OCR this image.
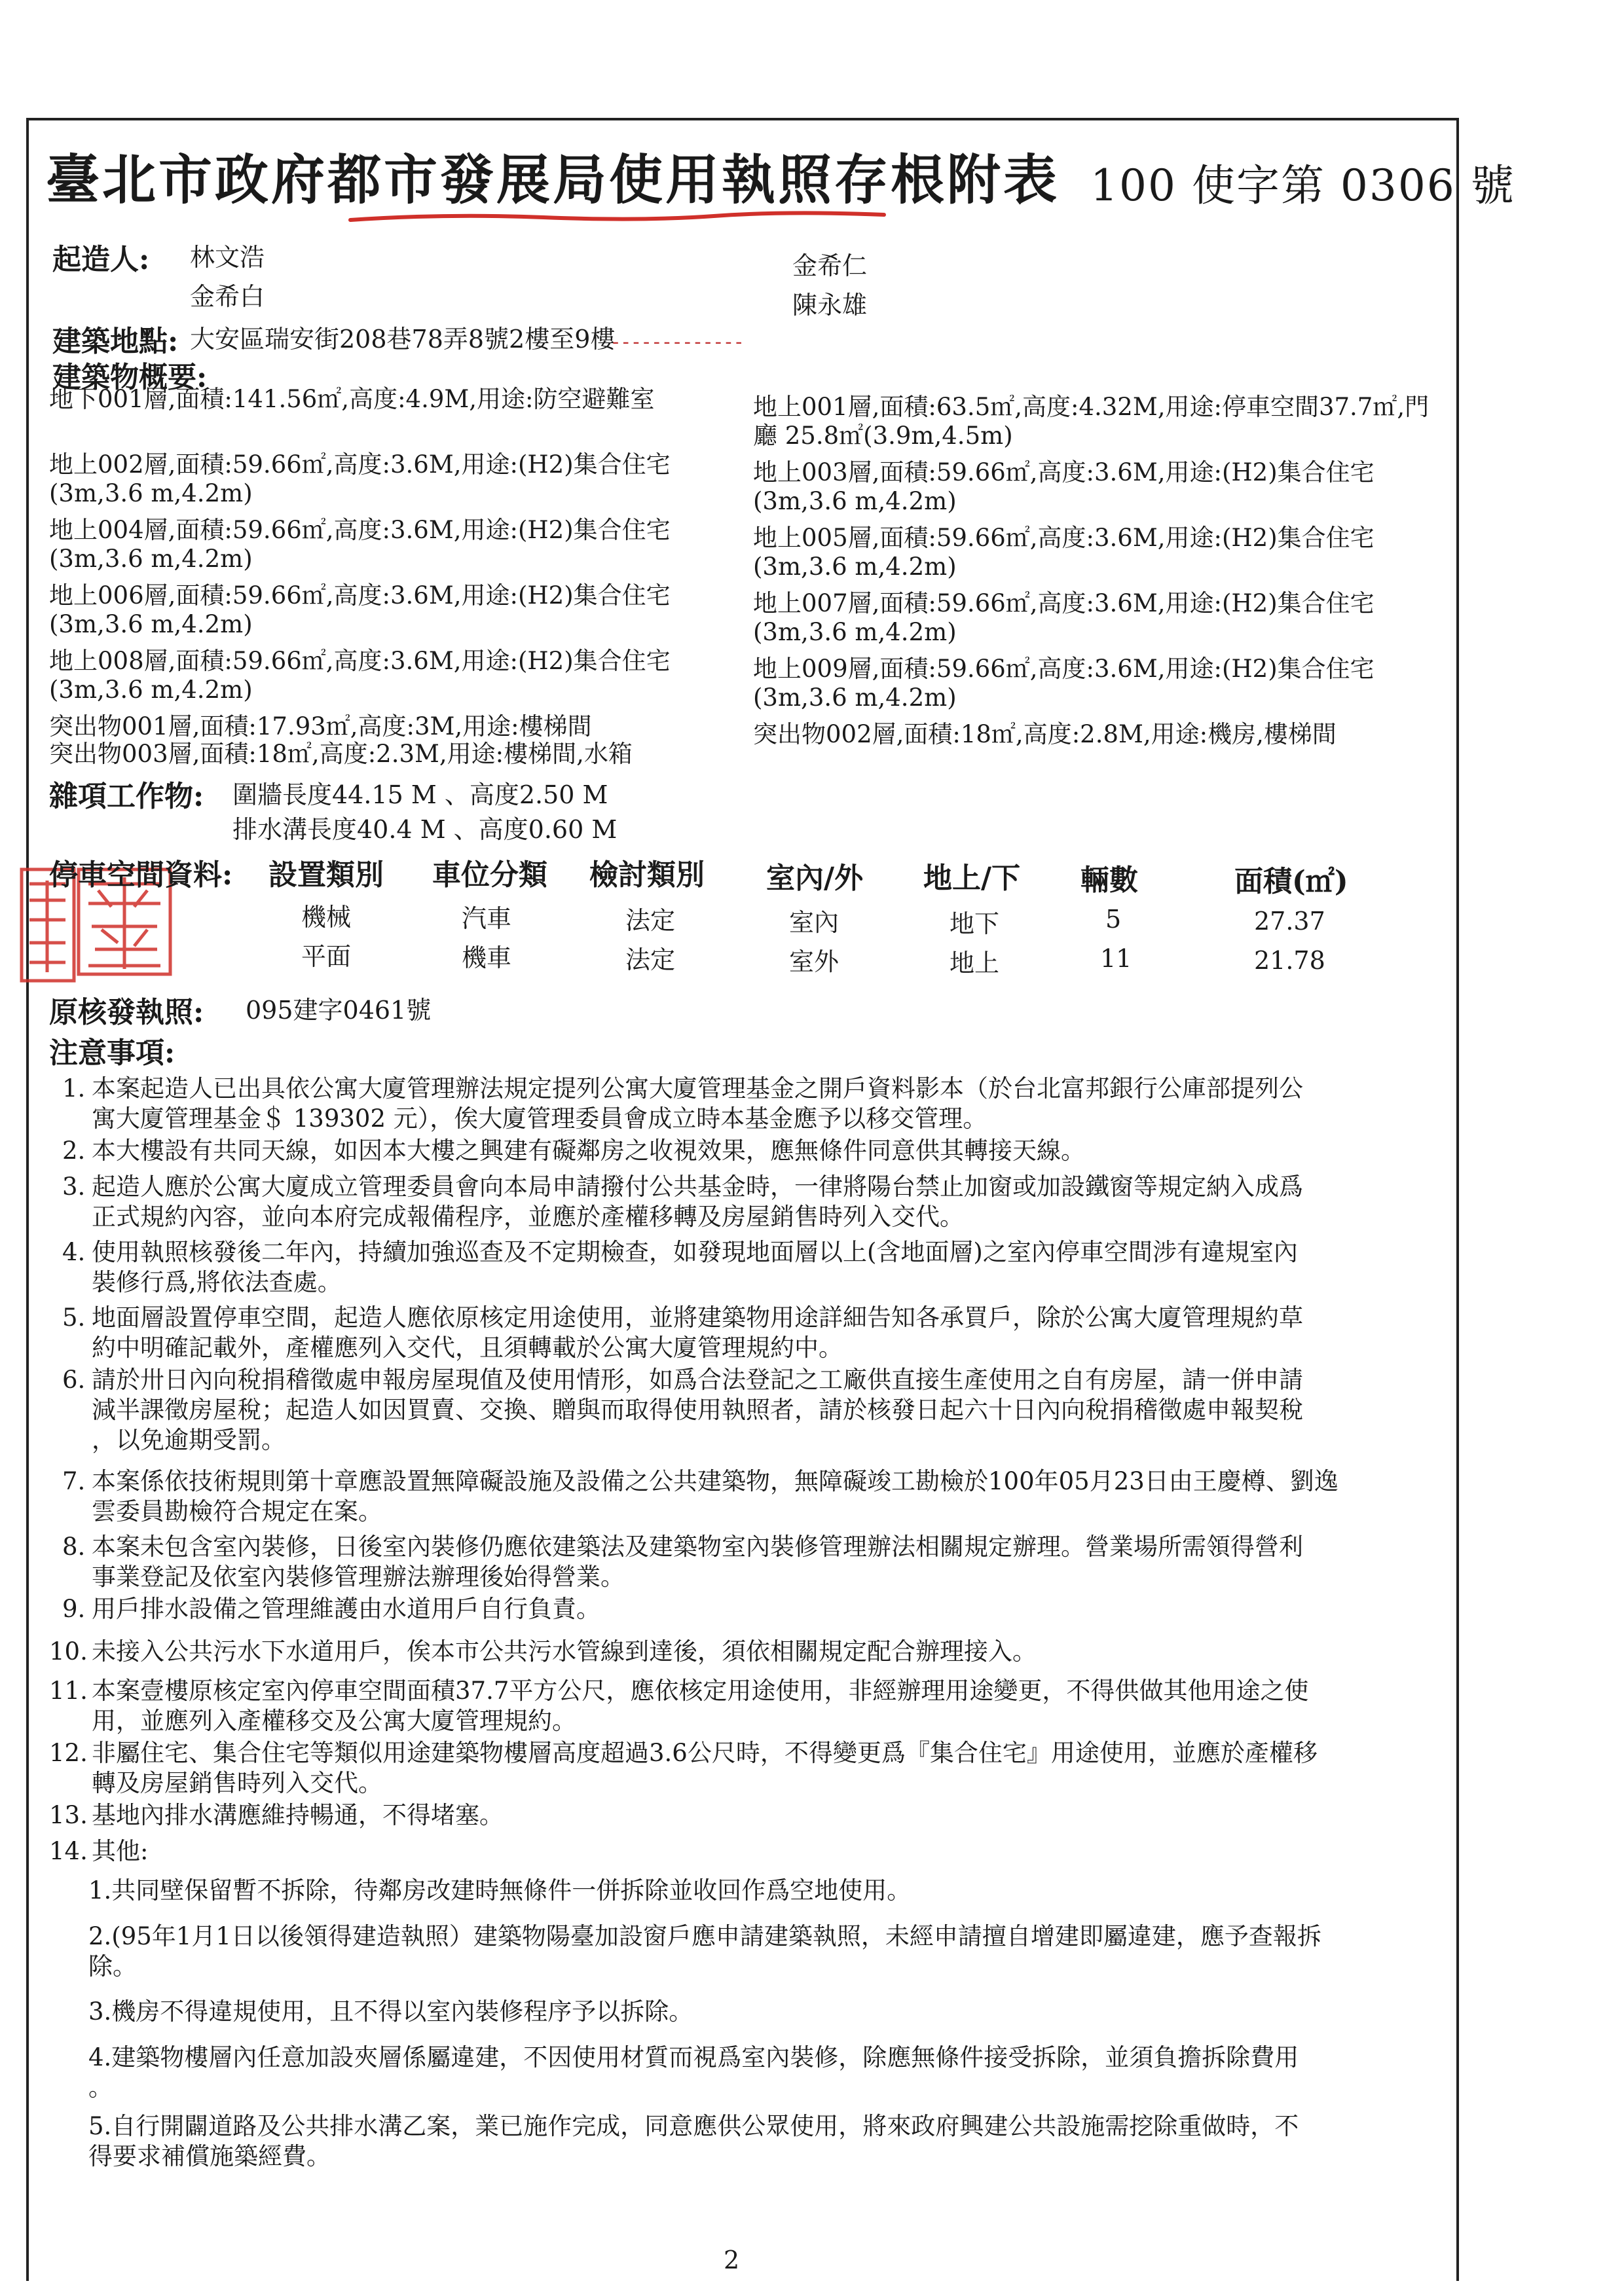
臺北市政府都市發展局使用執照存根附表 100 使字第 0306 號
起造人: 林文浩
金希白
金希仁
陳永雄
建築地點: 大安區瑞安街208巷78弄8號2樓至9樓
- - - - - - - - - - - - -
建築物概要:
地下001層,面積:141.56㎡,高度:4.9M,用途:防空避難室
地上002層,面積:59.66㎡,高度:3.6M,用途:(H2)集合住宅(3m,3.6 m,4.2m)
地上004層,面積:59.66㎡,高度:3.6M,用途:(H2)集合住宅(3m,3.6 m,4.2m)
地上006層,面積:59.66㎡,高度:3.6M,用途:(H2)集合住宅(3m,3.6 m,4.2m)
地上008層,面積:59.66㎡,高度:3.6M,用途:(H2)集合住宅(3m,3.6 m,4.2m)
突出物001層,面積:17.93㎡,高度:3M,用途:樓梯間
突出物003層,面積:18㎡,高度:2.3M,用途:樓梯間,水箱
地上001層,面積:63.5㎡,高度:4.32M,用途:停車空間37.7㎡,門廳 25.8㎡(3.9m,4.5m)
地上003層,面積:59.66㎡,高度:3.6M,用途:(H2)集合住宅(3m,3.6 m,4.2m)
地上005層,面積:59.66㎡,高度:3.6M,用途:(H2)集合住宅(3m,3.6 m,4.2m)
地上007層,面積:59.66㎡,高度:3.6M,用途:(H2)集合住宅(3m,3.6 m,4.2m)
地上009層,面積:59.66㎡,高度:3.6M,用途:(H2)集合住宅(3m,3.6 m,4.2m)
突出物002層,面積:18㎡,高度:2.8M,用途:機房,樓梯間
雜項工作物: 圍牆長度44.15 M 、高度2.50 M
排水溝長度40.4 M 、高度0.60 M
停車空間資料: 設置類別 車位分類 檢討類別 室內/外 地上/下 輛數	面積(㎡)
機械	汽車	法定	室內	地下	5	27.37
平面	機車	法定	室外	地上	11	21.78
原核發執照: 095建字0461號
注意事項:
1. 本案起造人已出具依公寓大廈管理辦法規定提列公寓大廈管理基金之開戶資料影本（於台北富邦銀行公庫部提列公
寓大廈管理基金＄ 139302 元），俟大廈管理委員會成立時本基金應予以移交管理。
2. 本大樓設有共同天線，如因本大樓之興建有礙鄰房之收視效果，應無條件同意供其轉接天線。
3. 起造人應於公寓大廈成立管理委員會向本局申請撥付公共基金時，一律將陽台禁止加窗或加設鐵窗等規定納入成爲
正式規約內容，並向本府完成報備程序，並應於產權移轉及房屋銷售時列入交代。
4. 使用執照核發後二年內，持續加強巡查及不定期檢查，如發現地面層以上(含地面層)之室內停車空間涉有違規室內
裝修行爲,將依法查處。
5. 地面層設置停車空間，起造人應依原核定用途使用，並將建築物用途詳細告知各承買戶，除於公寓大廈管理規約草
約中明確記載外，產權應列入交代，且須轉載於公寓大廈管理規約中。
6. 請於卅日內向稅捐稽徵處申報房屋現值及使用情形，如爲合法登記之工廠供直接生產使用之自有房屋，請一併申請
減半課徵房屋稅；起造人如因買賣、交換、贈與而取得使用執照者，請於核發日起六十日內向稅捐稽徵處申報契稅
，以免逾期受罰。
7. 本案係依技術規則第十章應設置無障礙設施及設備之公共建築物，無障礙竣工勘檢於100年05月23日由王慶樽、劉逸
雲委員勘檢符合規定在案。
8. 本案未包含室內裝修，日後室內裝修仍應依建築法及建築物室內裝修管理辦法相關規定辦理。營業場所需領得營利
事業登記及依室內裝修管理辦法辦理後始得營業。
9. 用戶排水設備之管理維護由水道用戶自行負責。
10. 未接入公共污水下水道用戶，俟本市公共污水管線到達後，須依相關規定配合辦理接入。
11. 本案壹樓原核定室內停車空間面積37.7平方公尺，應依核定用途使用，非經辦理用途變更，不得供做其他用途之使
用，並應列入產權移交及公寓大廈管理規約。
12. 非屬住宅、集合住宅等類似用途建築物樓層高度超過3.6公尺時，不得變更爲『集合住宅』用途使用，並應於產權移
轉及房屋銷售時列入交代。
13. 基地內排水溝應維持暢通，不得堵塞。
14. 其他:
1.共同壁保留暫不拆除，待鄰房改建時無條件一併拆除並收回作爲空地使用。
2.(95年1月1日以後領得建造執照）建築物陽臺加設窗戶應申請建築執照，未經申請擅自增建即屬違建，應予查報拆
除。
3.機房不得違規使用，且不得以室內裝修程序予以拆除。
4.建築物樓層內任意加設夾層係屬違建，不因使用材質而視爲室內裝修，除應無條件接受拆除，並須負擔拆除費用
。
5.自行開闢道路及公共排水溝乙案，業已施作完成，同意應供公眾使用，將來政府興建公共設施需挖除重做時，不
得要求補償施築經費。
2
